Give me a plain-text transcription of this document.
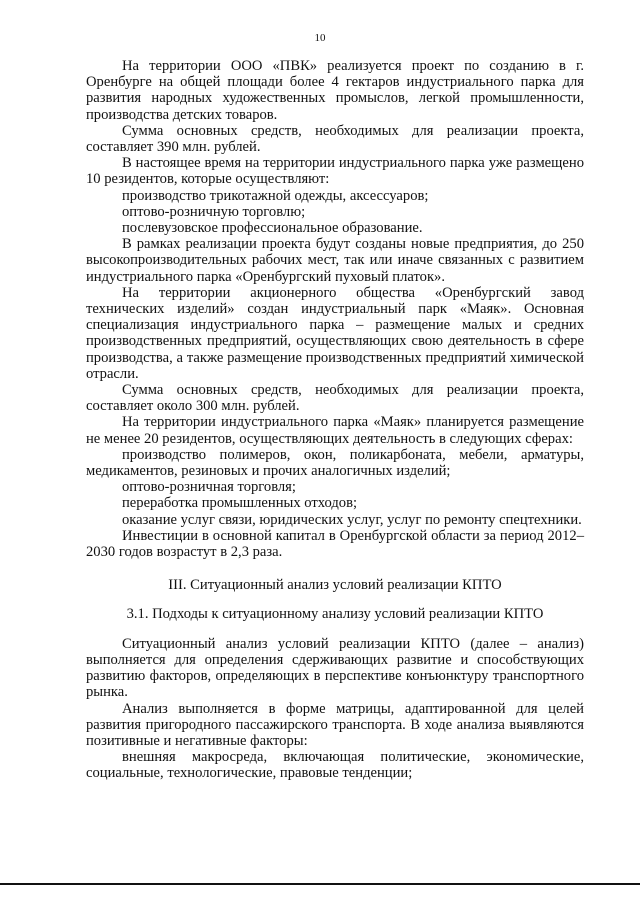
10

На территории ООО «ПВК» реализуется проект по созданию в г. Оренбурге на общей площади более 4 гектаров индустриального парка для развития народных художественных промыслов, легкой промышленности, производства детских товаров.

Сумма основных средств, необходимых для реализации проекта, составляет 390 млн. рублей.

В настоящее время на территории индустриального парка уже размещено 10 резидентов, которые осуществляют:

производство трикотажной одежды, аксессуаров;

оптово-розничную торговлю;

послевузовское профессиональное образование.

В рамках реализации проекта будут созданы новые предприятия, до 250 высокопроизводительных рабочих мест, так или иначе связанных с развитием индустриального парка «Оренбургский пуховый платок».

На территории акционерного общества «Оренбургский завод технических изделий» создан индустриальный парк «Маяк». Основная специализация индустриального парка – размещение малых и средних производственных предприятий, осуществляющих свою деятельность в сфере производства, а также размещение производственных предприятий химической отрасли.

Сумма основных средств, необходимых для реализации проекта, составляет около 300 млн. рублей.

На территории индустриального парка «Маяк» планируется размещение не менее 20 резидентов, осуществляющих деятельность в следующих сферах:

производство полимеров, окон, поликарбоната, мебели, арматуры, медикаментов, резиновых и прочих аналогичных изделий;

оптово-розничная торговля;

переработка промышленных отходов;

оказание услуг связи, юридических услуг, услуг по ремонту спецтехники.

Инвестиции в основной капитал в Оренбургской области за период 2012–2030 годов возрастут в 2,3 раза.

III. Ситуационный анализ условий реализации КПТО

3.1. Подходы к ситуационному анализу условий реализации КПТО

Ситуационный анализ условий реализации КПТО (далее – анализ) выполняется для определения сдерживающих развитие и способствующих развитию факторов, определяющих в перспективе конъюнктуру транспортного рынка.

Анализ выполняется в форме матрицы, адаптированной для целей развития пригородного пассажирского транспорта. В ходе анализа выявляются позитивные и негативные факторы:

внешняя макросреда, включающая политические, экономические, социальные, технологические, правовые тенденции;
